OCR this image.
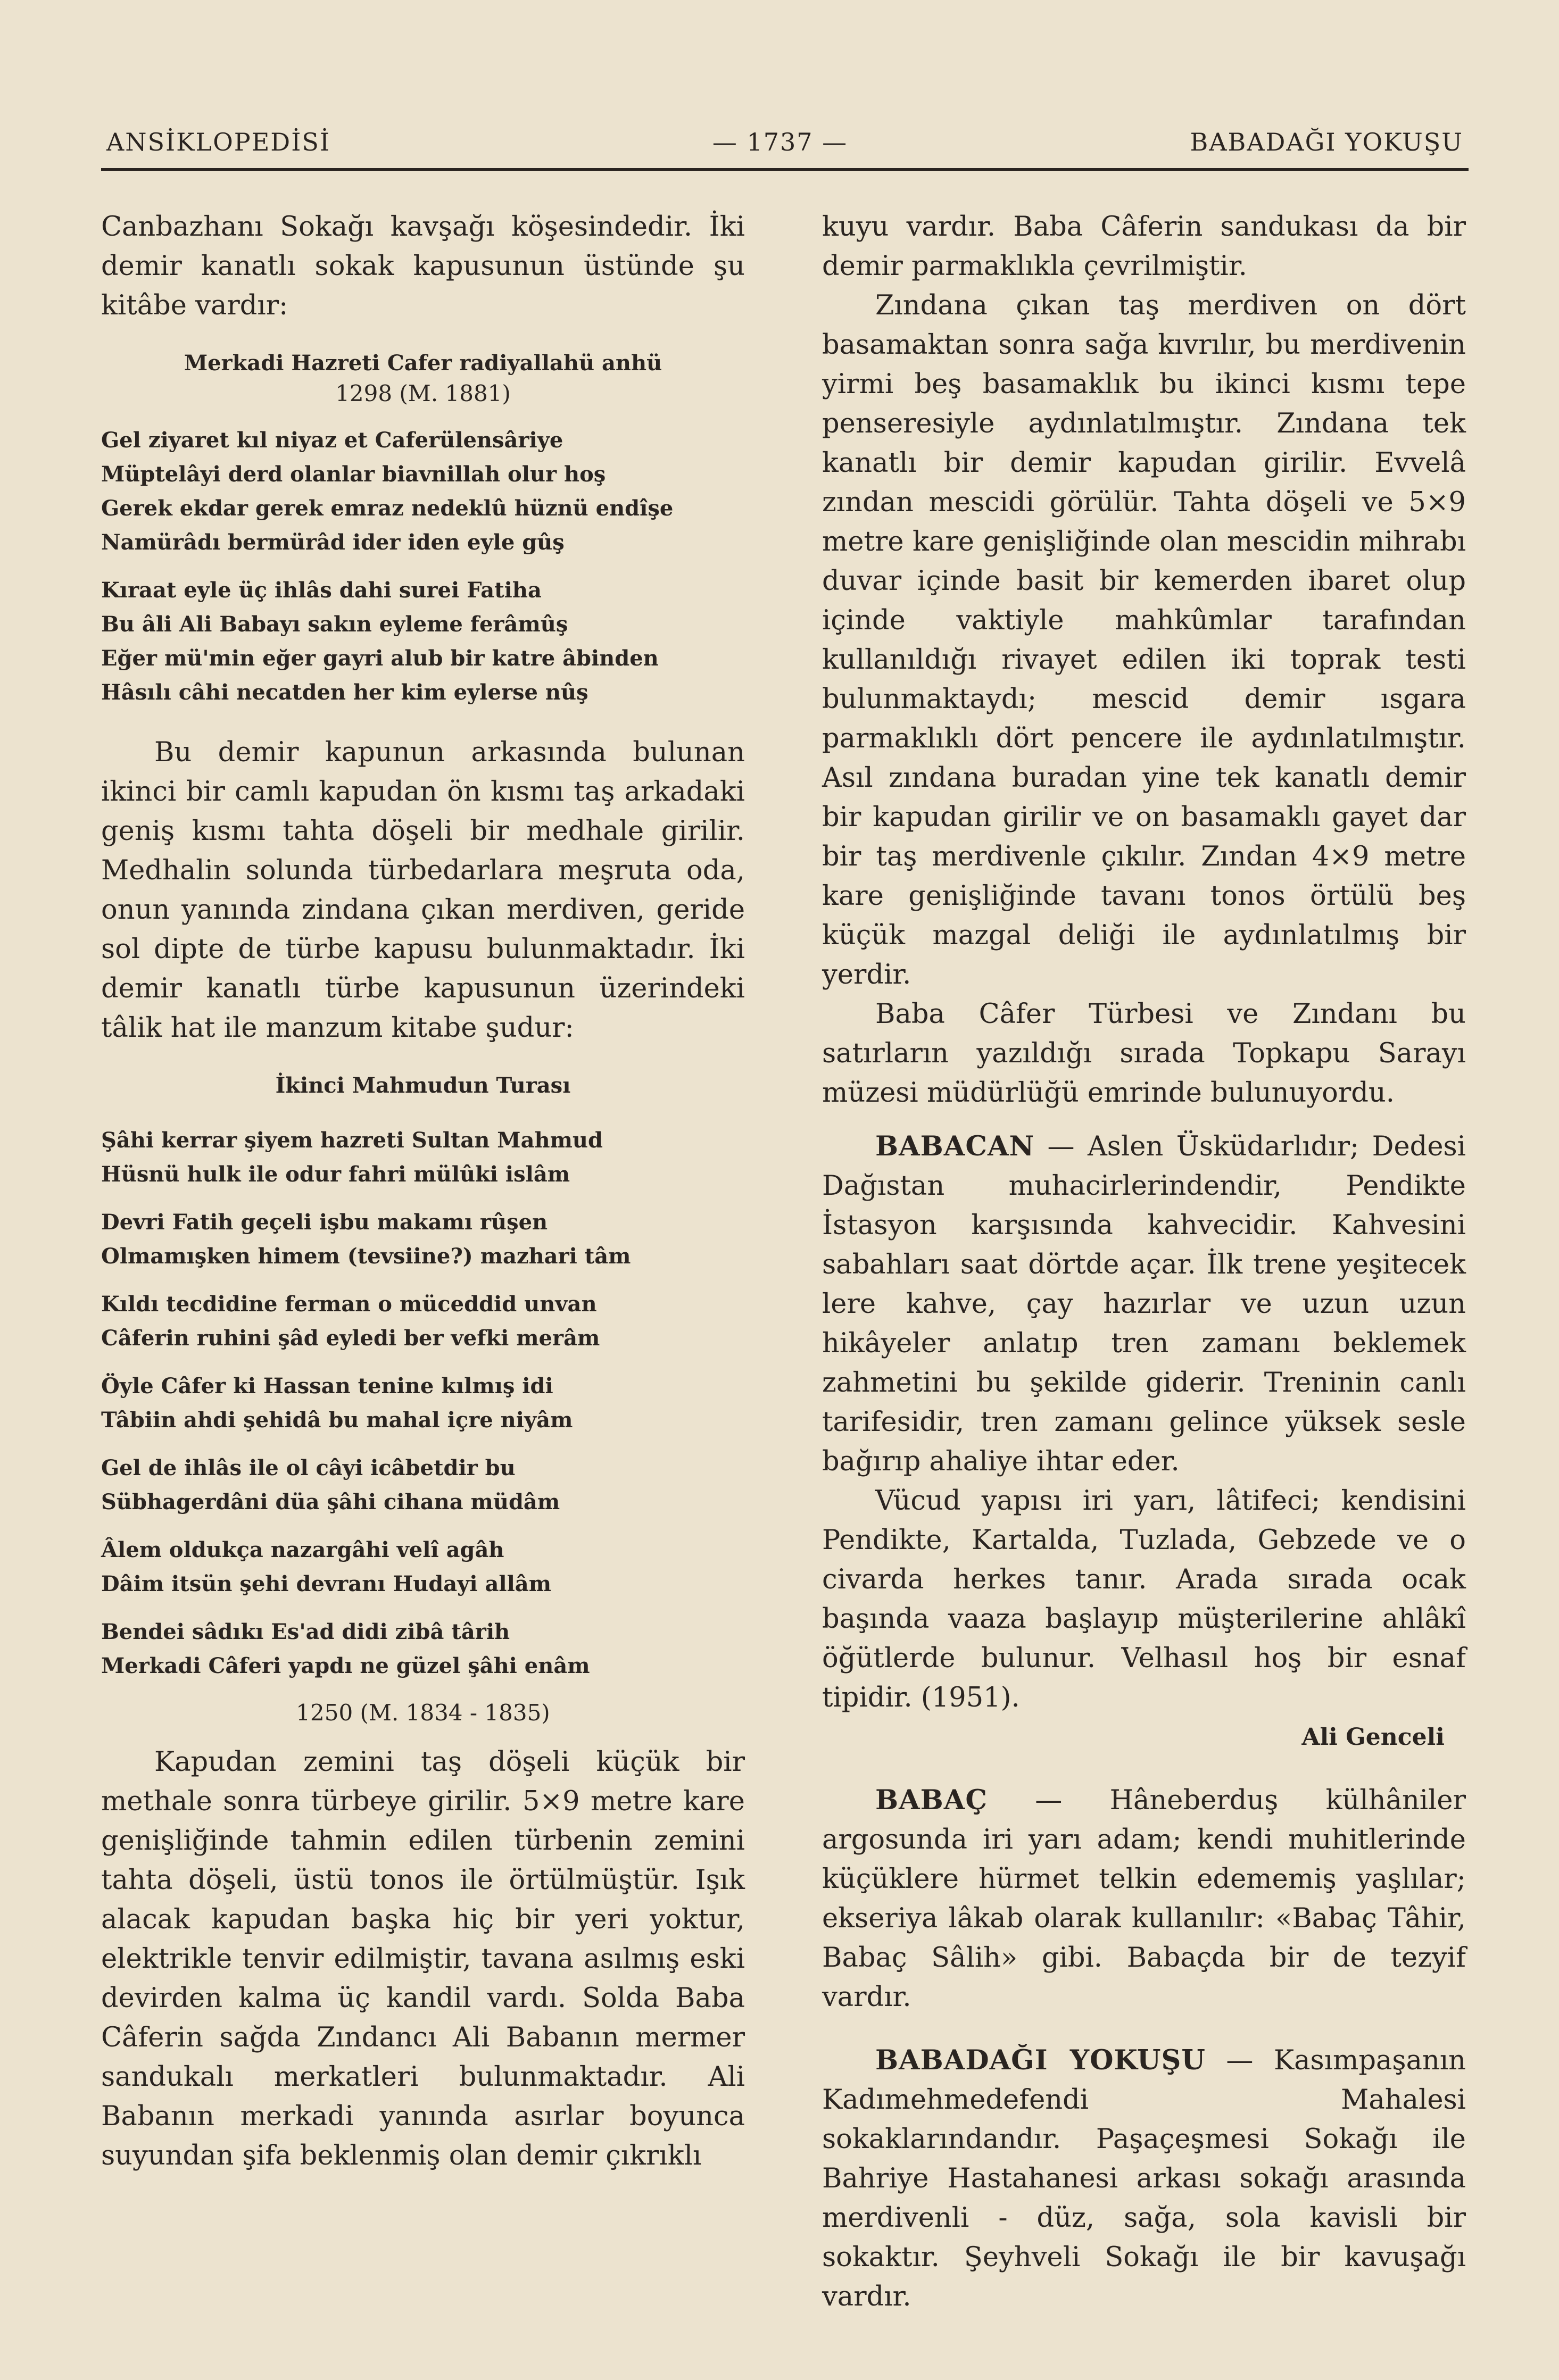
ANSİKLOPEDİSİ	— 1737 —	BABADAĞI YOKUŞU

Canbazhanı Sokağı kavşağı köşesindedir. İki demir kanatlı sokak kapusunun üstünde şu kitâbe vardır:

Merkadi Hazreti Cafer radiyallahü anhü
1298 (M. 1881)
Gel ziyaret kıl niyaz et Caferülensâriye
Müptelâyi derd olanlar biavnillah olur hoş
Gerek ekdar gerek emraz nedeklû hüznü endîşe
Namürâdı bermürâd ider iden eyle gûş
Kıraat eyle üç ihlâs dahi surei Fatiha
Bu âli Ali Babayı sakın eyleme ferâmûş
Eğer mü'min eğer gayri alub bir katre âbinden
Hâsılı câhi necatden her kim eylerse nûş

Bu demir kapunun arkasında bulunan ikinci bir camlı kapudan ön kısmı taş arkadaki geniş kısmı tahta döşeli bir medhale girilir. Medhalin solunda türbedarlara meşruta oda, onun yanında zindana çıkan merdiven, geride sol dipte de türbe kapusu bulunmaktadır. İki demir kanatlı türbe kapusunun üzerindeki tâlik hat ile manzum kitabe şudur:

İkinci Mahmudun Turası
Şâhi kerrar şiyem hazreti Sultan Mahmud
Hüsnü hulk ile odur fahri mülûki islâm
Devri Fatih geçeli işbu makamı rûşen
Olmamışken himem (tevsiine?) mazhari tâm
Kıldı tecdidine ferman o müceddid unvan
Câferin ruhini şâd eyledi ber vefki merâm
Öyle Câfer ki Hassan tenine kılmış idi
Tâbiin ahdi şehidâ bu mahal içre niyâm
Gel de ihlâs ile ol câyi icâbetdir bu
Sübhagerdâni düa şâhi cihana müdâm
Âlem oldukça nazargâhi velî agâh
Dâim itsün şehi devranı Hudayi allâm
Bendei sâdıkı Es'ad didi zibâ târih
Merkadi Câferi yapdı ne güzel şâhi enâm
1250 (M. 1834 - 1835)

Kapudan zemini taş döşeli küçük bir methale sonra türbeye girilir. 5×9 metre kare genişliğinde tahmin edilen türbenin zemini tahta döşeli, üstü tonos ile örtülmüştür. Işık alacak kapudan başka hiç bir yeri yoktur, elektrikle tenvir edilmiştir, tavana asılmış eski devirden kalma üç kandil vardı. Solda Baba Câferin sağda Zındancı Ali Babanın mermer sandukalı merkatleri bulunmaktadır. Ali Babanın merkadi yanında asırlar boyunca suyundan şifa beklenmiş olan demir çıkrıklı

kuyu vardır. Baba Câferin sandukası da bir demir parmaklıkla çevrilmiştir.

Zındana çıkan taş merdiven on dört basamaktan sonra sağa kıvrılır, bu merdivenin yirmi beş basamaklık bu ikinci kısmı tepe penseresiyle aydınlatılmıştır. Zındana tek kanatlı bir demir kapudan girilir. Evvelâ zından mescidi görülür. Tahta döşeli ve 5×9 metre kare genişliğinde olan mescidin mihrabı duvar içinde basit bir kemerden ibaret olup içinde vaktiyle mahkûmlar tarafından kullanıldığı rivayet edilen iki toprak testi bulunmaktaydı; mescid demir ısgara parmaklıklı dört pencere ile aydınlatılmıştır. Asıl zındana buradan yine tek kanatlı demir bir kapudan girilir ve on basamaklı gayet dar bir taş merdivenle çıkılır. Zından 4×9 metre kare genişliğinde tavanı tonos örtülü beş küçük mazgal deliği ile aydınlatılmış bir yerdir.

Baba Câfer Türbesi ve Zındanı bu satırların yazıldığı sırada Topkapu Sarayı müzesi müdürlüğü emrinde bulunuyordu.

BABACAN — Aslen Üsküdarlıdır; Dedesi Dağıstan muhacirlerindendir, Pendikte İstasyon karşısında kahvecidir. Kahvesini sabahları saat dörtde açar. İlk trene yeşitecek lere kahve, çay hazırlar ve uzun uzun hikâyeler anlatıp tren zamanı beklemek zahmetini bu şekilde giderir. Treninin canlı tarifesidir, tren zamanı gelince yüksek sesle bağırıp ahaliye ihtar eder.

Vücud yapısı iri yarı, lâtifeci; kendisini Pendikte, Kartalda, Tuzlada, Gebzede ve o civarda herkes tanır. Arada sırada ocak başında vaaza başlayıp müşterilerine ahlâkî öğütlerde bulunur. Velhasıl hoş bir esnaf tipidir. (1951).

Ali Genceli

BABAÇ — Hâneberduş külhâniler argosunda iri yarı adam; kendi muhitlerinde küçüklere hürmet telkin edememiş yaşlılar; ekseriya lâkab olarak kullanılır: «Babaç Tâhir, Babaç Sâlih» gibi. Babaçda bir de tezyif vardır.

BABADAĞI YOKUŞU — Kasımpaşanın Kadımehmedefendi Mahalesi sokaklarındandır. Paşaçeşmesi Sokağı ile Bahriye Hastahanesi arkası sokağı arasında merdivenli - düz, sağa, sola kavisli bir sokaktır. Şeyhveli Sokağı ile bir kavuşağı vardır.
